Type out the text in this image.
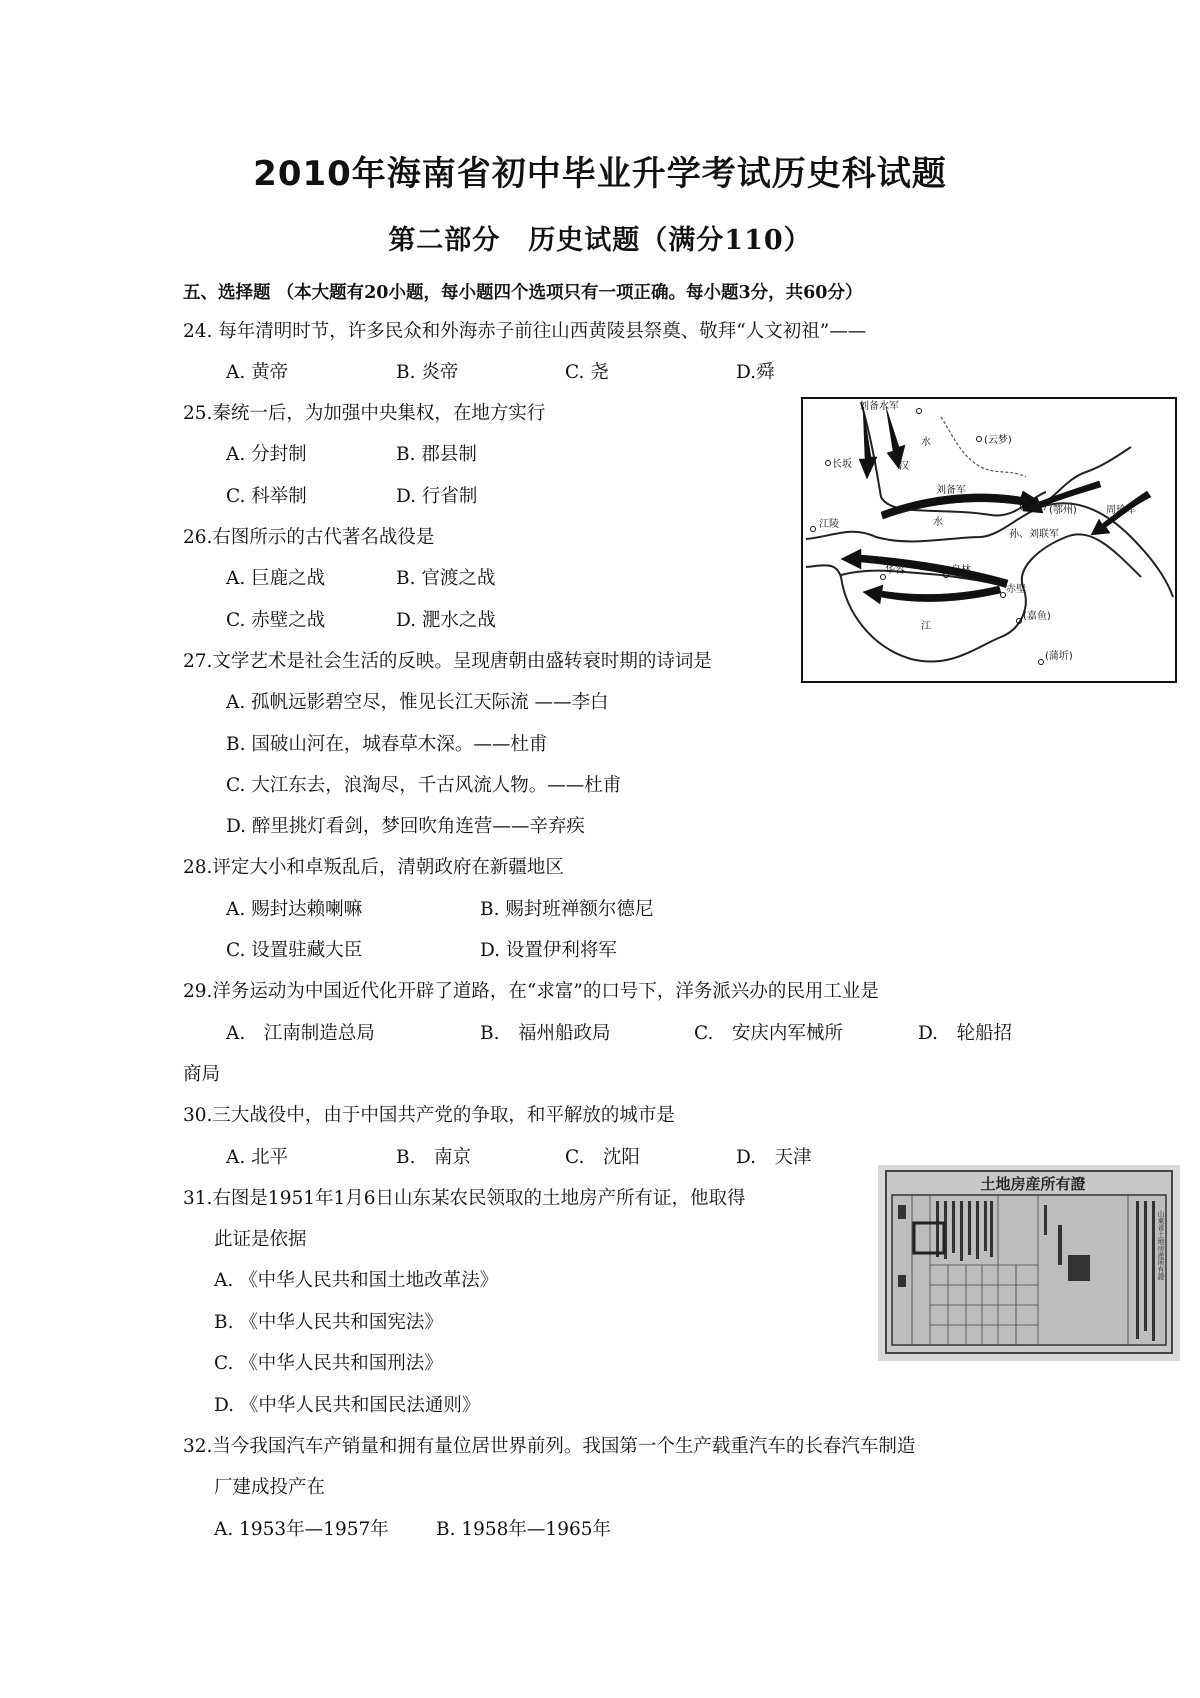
2010年海南省初中毕业升学考试历史科试题
第二部分　历史试题（满分110）
五、选择题 （本大题有20小题，每小题四个选项只有一项正确。每小题3分，共60分）
24. 每年清明时节，许多民众和外海赤子前往山西黄陵县祭奠、敬拜“人文初祖”——
A. 黄帝	B. 炎帝	C. 尧	D.舜
25.秦统一后，为加强中央集权，在地方实行
A. 分封制	B. 郡县制
C. 科举制	D. 行省制
26.右图所示的古代著名战役是
A. 巨鹿之战	B. 官渡之战
C. 赤壁之战	D. 淝水之战
27.文学艺术是社会生活的反映。呈现唐朝由盛转衰时期的诗词是
A. 孤帆远影碧空尽，惟见长江天际流 ——李白
B. 国破山河在，城春草木深。——杜甫
C. 大江东去，浪淘尽，千古风流人物。——杜甫
D. 醉里挑灯看剑，梦回吹角连营——辛弃疾
28.评定大小和卓叛乱后，清朝政府在新疆地区
A. 赐封达赖喇嘛	B. 赐封班禅额尔德尼
C. 设置驻藏大臣	D. 设置伊利将军
29.洋务运动为中国近代化开辟了道路，在“求富”的口号下，洋务派兴办的民用工业是
A.　江南制造总局	B.　福州船政局	C.　安庆内军械所	D.　轮船招
商局
30.三大战役中，由于中国共产党的争取，和平解放的城市是
A. 北平	B.　南京	C.　沈阳	D.　天津
31.右图是1951年1月6日山东某农民领取的土地房产所有证，他取得
此证是依据
A. 《中华人民共和国土地改革法》
B. 《中华人民共和国宪法》
C. 《中华人民共和国刑法》
D. 《中华人民共和国民法通则》
32.当今我国汽车产销量和拥有量位居世界前列。我国第一个生产载重汽车的长春汽车制造
厂建成投产在
A. 1953年—1957年	B. 1958年—1965年
刘备水军
水	(云梦)
汉
长坂
刘备军
(武汉)
水
孙、刘联军
(鄂州)	周瑜军
江陵
华容	乌林
赤壁
(嘉鱼)
(蒲圻)
江
土地房産所有證
山東省土地房産所有證
